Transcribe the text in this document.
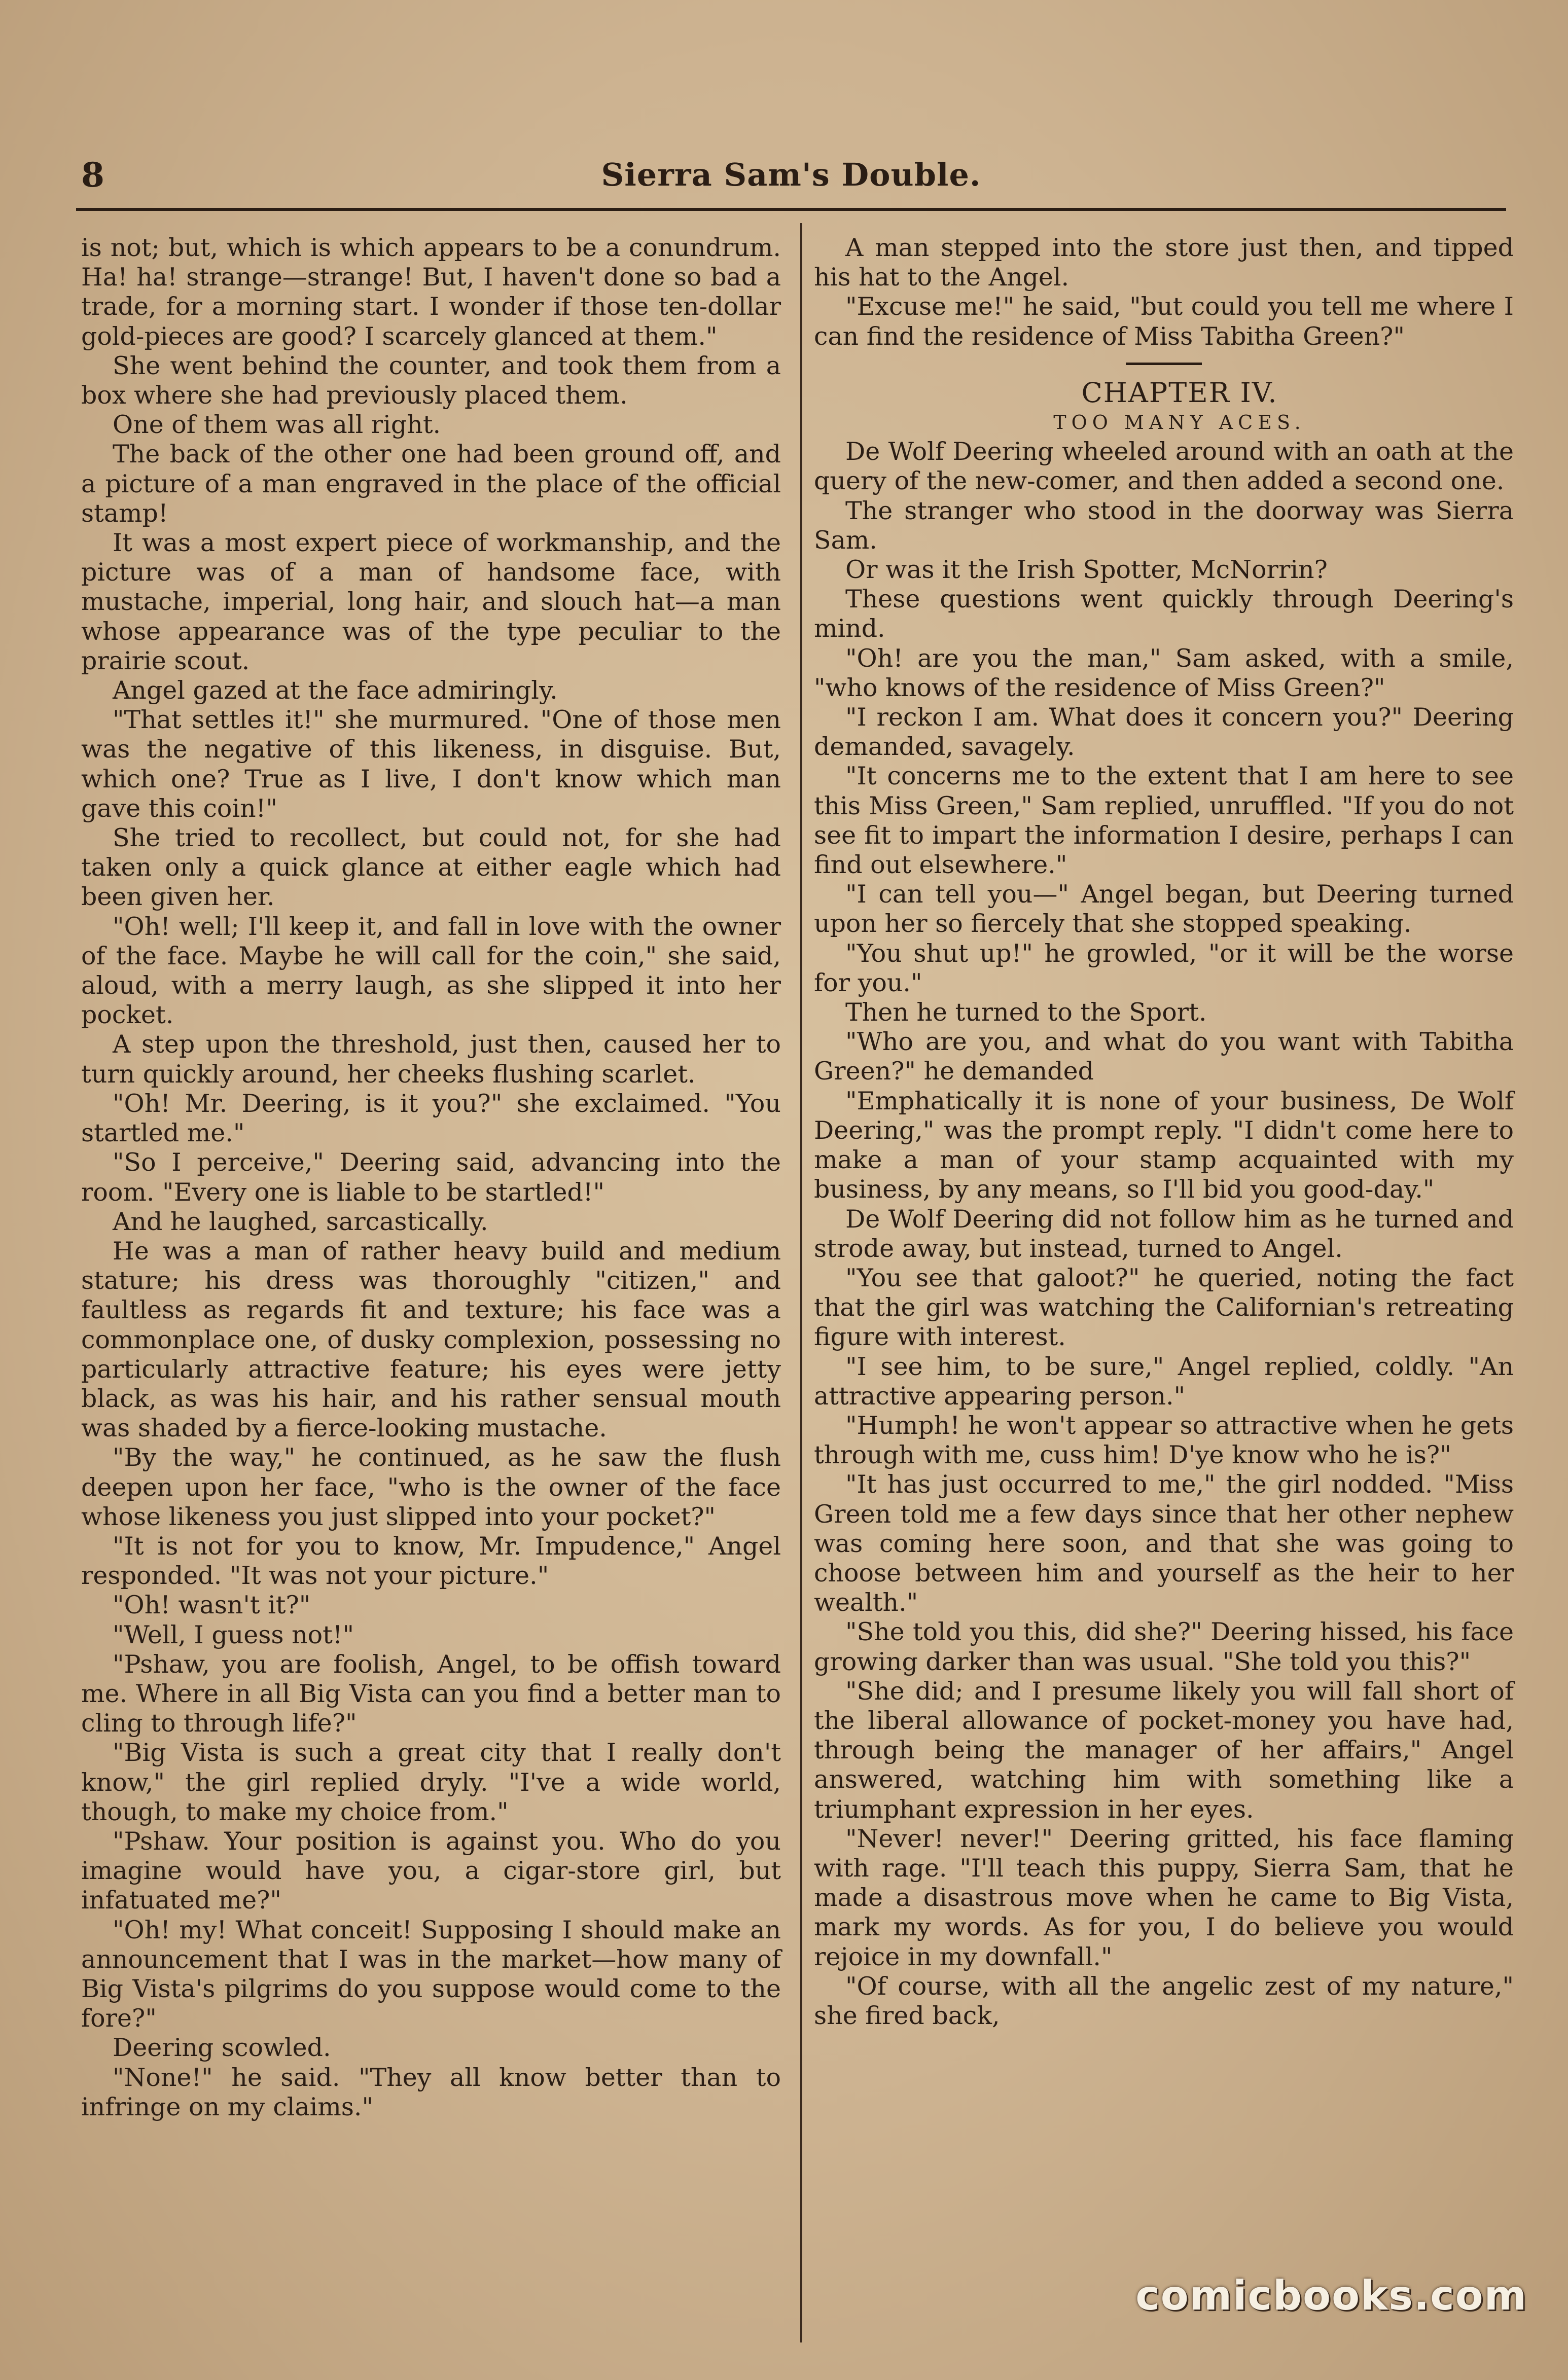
8	Sierra Sam's Double.

is not; but, which is which appears to be a conundrum. Ha! ha! strange—strange! But, I haven't done so bad a trade, for a morning start. I wonder if those ten-dollar gold-pieces are good? I scarcely glanced at them."

She went behind the counter, and took them from a box where she had previously placed them.

One of them was all right.

The back of the other one had been ground off, and a picture of a man engraved in the place of the official stamp!

It was a most expert piece of workmanship, and the picture was of a man of handsome face, with mustache, imperial, long hair, and slouch hat—a man whose appearance was of the type peculiar to the prairie scout.

Angel gazed at the face admiringly.

"That settles it!" she murmured. "One of those men was the negative of this likeness, in disguise. But, which one? True as I live, I don't know which man gave this coin!"

She tried to recollect, but could not, for she had taken only a quick glance at either eagle which had been given her.

"Oh! well; I'll keep it, and fall in love with the owner of the face. Maybe he will call for the coin," she said, aloud, with a merry laugh, as she slipped it into her pocket.

A step upon the threshold, just then, caused her to turn quickly around, her cheeks flushing scarlet.

"Oh! Mr. Deering, is it you?" she exclaimed. "You startled me."

"So I perceive," Deering said, advancing into the room. "Every one is liable to be startled!"

And he laughed, sarcastically.

He was a man of rather heavy build and medium stature; his dress was thoroughly "citizen," and faultless as regards fit and texture; his face was a commonplace one, of dusky complexion, possessing no particularly attractive feature; his eyes were jetty black, as was his hair, and his rather sensual mouth was shaded by a fierce-looking mustache.

"By the way," he continued, as he saw the flush deepen upon her face, "who is the owner of the face whose likeness you just slipped into your pocket?"

"It is not for you to know, Mr. Impudence," Angel responded. "It was not your picture."

"Oh! wasn't it?"

"Well, I guess not!"

"Pshaw, you are foolish, Angel, to be offish toward me. Where in all Big Vista can you find a better man to cling to through life?"

"Big Vista is such a great city that I really don't know," the girl replied dryly. "I've a wide world, though, to make my choice from."

"Pshaw. Your position is against you. Who do you imagine would have you, a cigar-store girl, but infatuated me?"

"Oh! my! What conceit! Supposing I should make an announcement that I was in the market—how many of Big Vista's pilgrims do you suppose would come to the fore?"

Deering scowled.

"None!" he said. "They all know better than to infringe on my claims."

A man stepped into the store just then, and tipped his hat to the Angel.

"Excuse me!" he said, "but could you tell me where I can find the residence of Miss Tabitha Green?"

CHAPTER IV.

TOO MANY ACES.

De Wolf Deering wheeled around with an oath at the query of the new-comer, and then added a second one.

The stranger who stood in the doorway was Sierra Sam.

Or was it the Irish Spotter, McNorrin?

These questions went quickly through Deering's mind.

"Oh! are you the man," Sam asked, with a smile, "who knows of the residence of Miss Green?"

"I reckon I am. What does it concern you?" Deering demanded, savagely.

"It concerns me to the extent that I am here to see this Miss Green," Sam replied, unruffled. "If you do not see fit to impart the information I desire, perhaps I can find out elsewhere."

"I can tell you—" Angel began, but Deering turned upon her so fiercely that she stopped speaking.

"You shut up!" he growled, "or it will be the worse for you."

Then he turned to the Sport.

"Who are you, and what do you want with Tabitha Green?" he demanded

"Emphatically it is none of your business, De Wolf Deering," was the prompt reply. "I didn't come here to make a man of your stamp acquainted with my business, by any means, so I'll bid you good-day."

De Wolf Deering did not follow him as he turned and strode away, but instead, turned to Angel.

"You see that galoot?" he queried, noting the fact that the girl was watching the Californian's retreating figure with interest.

"I see him, to be sure," Angel replied, coldly. "An attractive appearing person."

"Humph! he won't appear so attractive when he gets through with me, cuss him! D'ye know who he is?"

"It has just occurred to me," the girl nodded. "Miss Green told me a few days since that her other nephew was coming here soon, and that she was going to choose between him and yourself as the heir to her wealth."

"She told you this, did she?" Deering hissed, his face growing darker than was usual. "She told you this?"

"She did; and I presume likely you will fall short of the liberal allowance of pocket-money you have had, through being the manager of her affairs," Angel answered, watching him with something like a triumphant expression in her eyes.

"Never! never!" Deering gritted, his face flaming with rage. "I'll teach this puppy, Sierra Sam, that he made a disastrous move when he came to Big Vista, mark my words. As for you, I do believe you would rejoice in my downfall."

"Of course, with all the angelic zest of my nature," she fired back,

comicbooks.com
